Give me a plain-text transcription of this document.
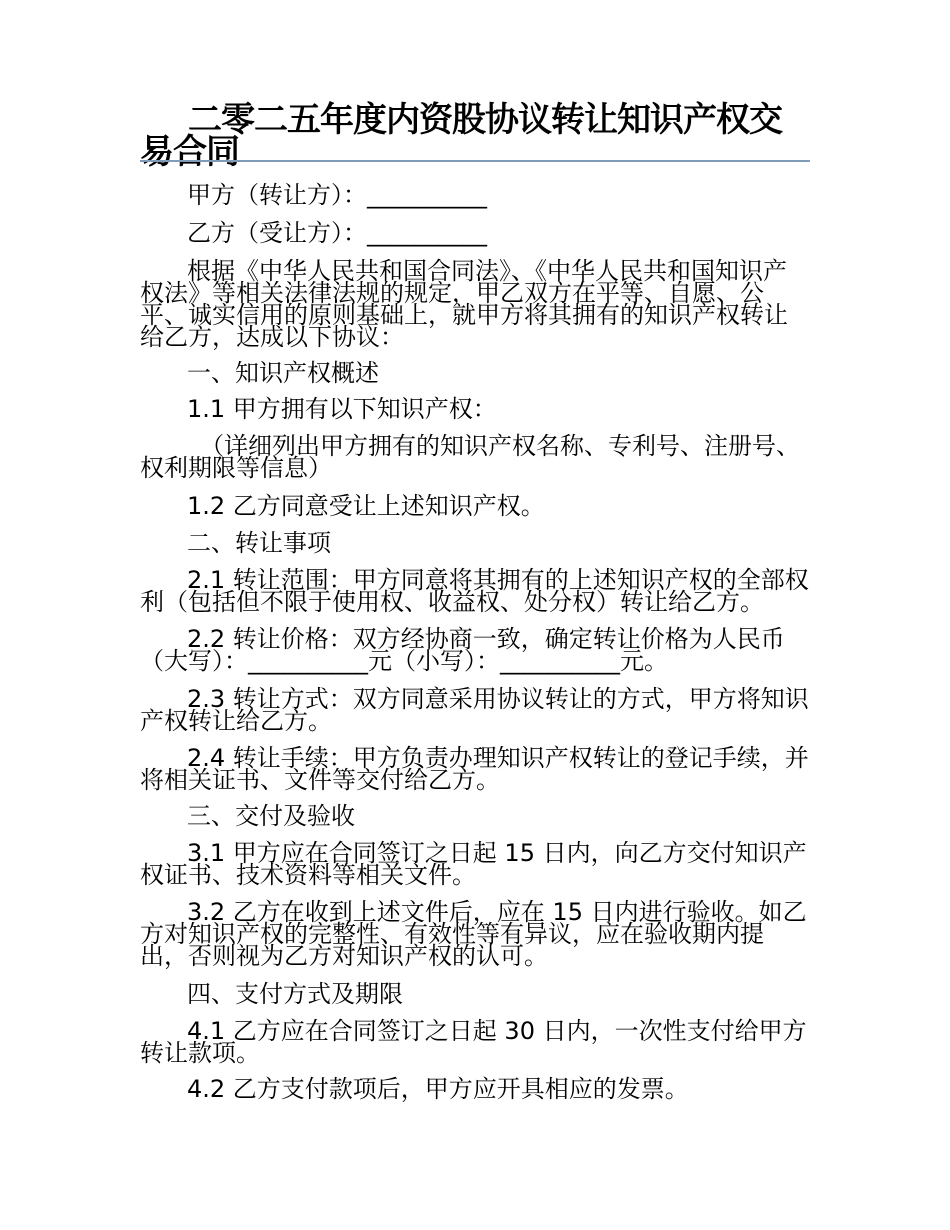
二零二五年度内资股协议转让知识产权交易合同

甲方（转让方）：__________

乙方（受让方）：__________

根据《中华人民共和国合同法》、《中华人民共和国知识产权法》等相关法律法规的规定，甲乙双方在平等、自愿、公平、诚实信用的原则基础上，就甲方将其拥有的知识产权转让给乙方，达成以下协议：

一、知识产权概述

1.1 甲方拥有以下知识产权：

（详细列出甲方拥有的知识产权名称、专利号、注册号、权利期限等信息）

1.2 乙方同意受让上述知识产权。

二、转让事项

2.1 转让范围：甲方同意将其拥有的上述知识产权的全部权利（包括但不限于使用权、收益权、处分权）转让给乙方。

2.2 转让价格：双方经协商一致，确定转让价格为人民币（大写）：__________元（小写）：__________元。

2.3 转让方式：双方同意采用协议转让的方式，甲方将知识产权转让给乙方。

2.4 转让手续：甲方负责办理知识产权转让的登记手续，并将相关证书、文件等交付给乙方。

三、交付及验收

3.1 甲方应在合同签订之日起 15 日内，向乙方交付知识产权证书、技术资料等相关文件。

3.2 乙方在收到上述文件后，应在 15 日内进行验收。如乙方对知识产权的完整性、有效性等有异议，应在验收期内提出，否则视为乙方对知识产权的认可。

四、支付方式及期限

4.1 乙方应在合同签订之日起 30 日内，一次性支付给甲方转让款项。

4.2 乙方支付款项后，甲方应开具相应的发票。
